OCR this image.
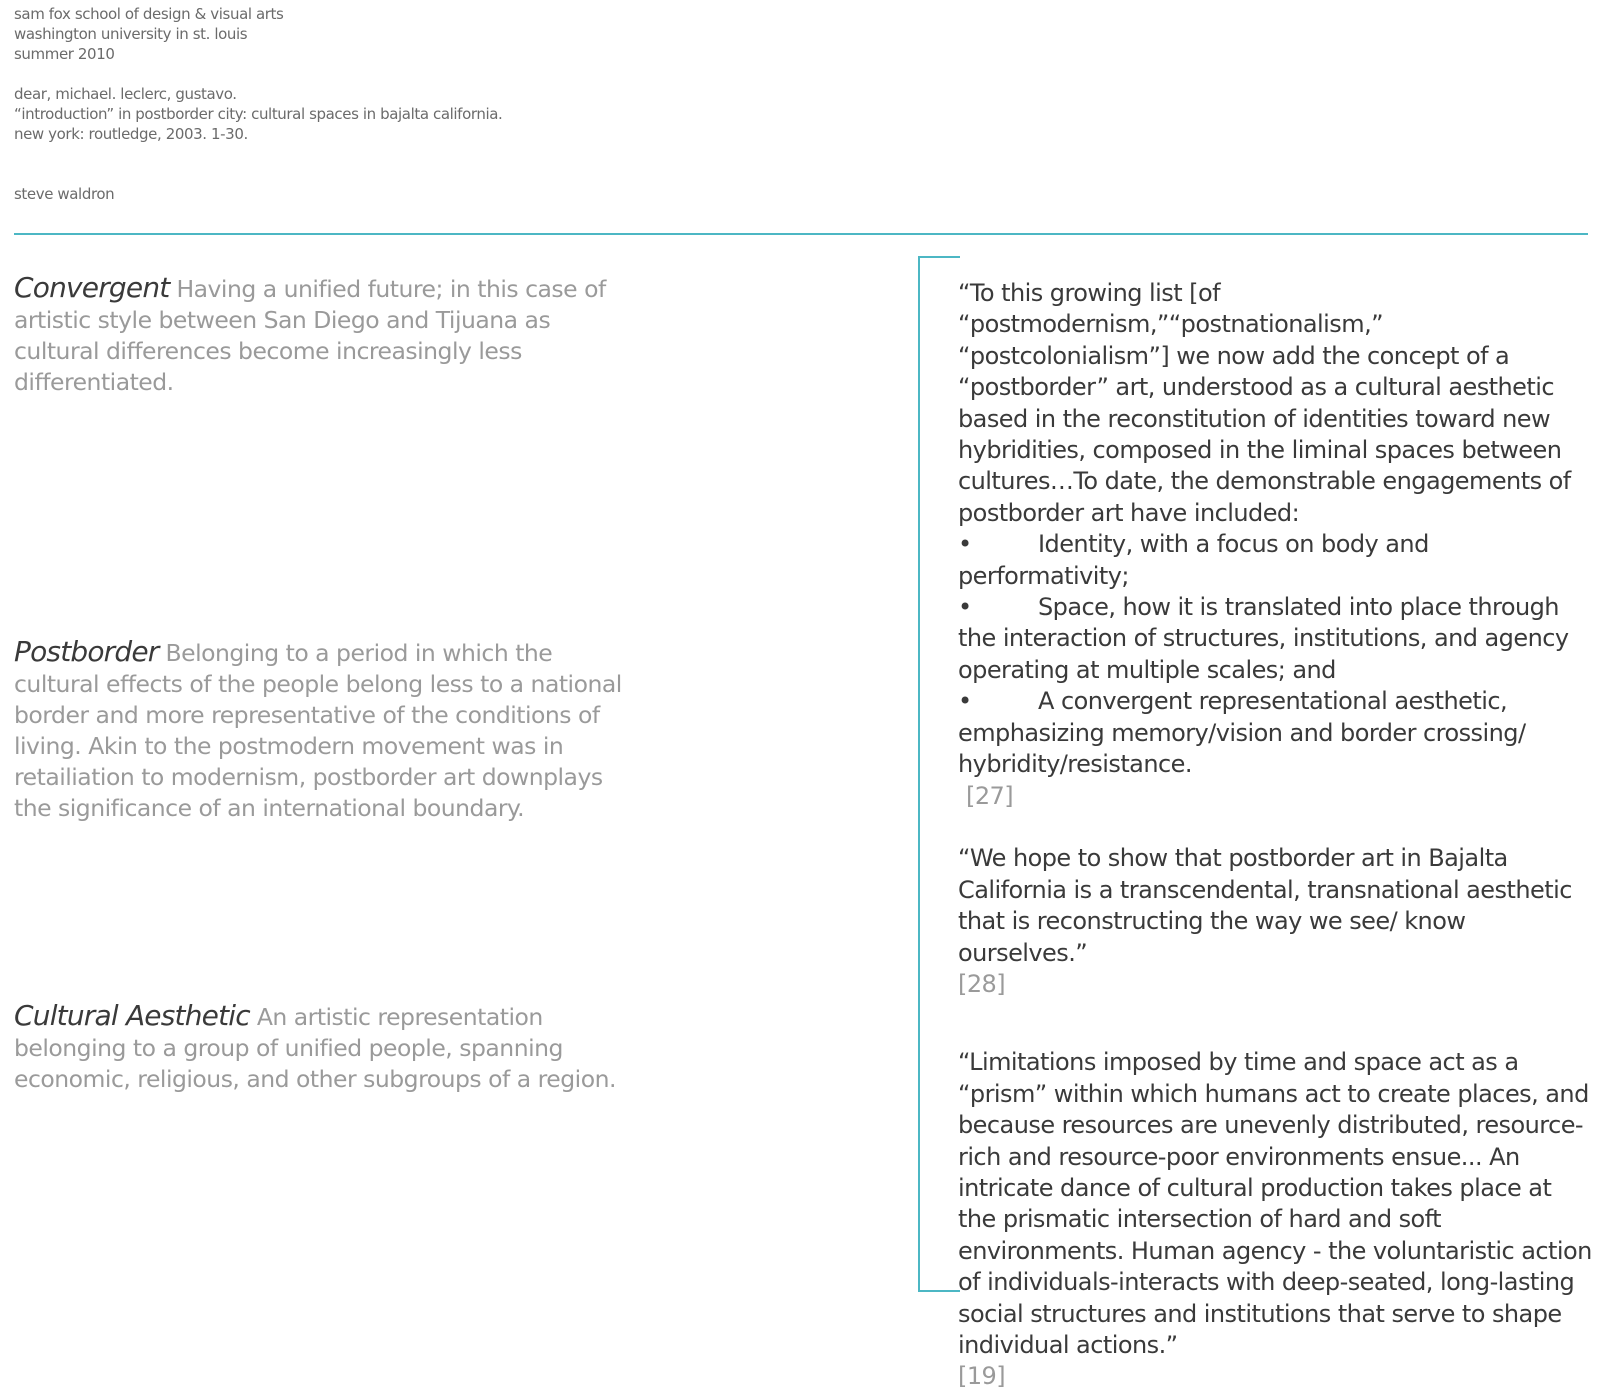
sam fox school of design & visual arts
washington university in st. louis
summer 2010
dear, michael. leclerc, gustavo.
“introduction” in postborder city: cultural spaces in bajalta california.
new york: routledge, 2003. 1-30.
steve waldron
Convergent Having a unified future; in this case of artistic style between San Diego and Tijuana as cultural differences become increasingly less differentiated.
Postborder Belonging to a period in which the cultural effects of the people belong less to a national border and more representative of the conditions of living. Akin to the postmodern movement was in retailiation to modernism, postborder art downplays the significance of an international boundary.
Cultural Aesthetic An artistic representation belonging to a group of unified people, spanning economic, religious, and other subgroups of a region.

“To this growing list [of “postmodernism,”“postnationalism,” “postcolonialism”] we now add the concept of a “postborder” art, understood as a cultural aesthetic based in the reconstitution of identities toward new hybridities, composed in the liminal spaces between cultures…To date, the demonstrable engagements of postborder art have included:

•	Identity, with a focus on body and performativity;
•	Space, how it is translated into place through the interaction of structures, institutions, and agency operating at multiple scales; and
•	A convergent representational aesthetic, emphasizing memory/vision and border crossing/ hybridity/resistance.

[27]

“We hope to show that postborder art in Bajalta California is a transcendental, transnational aesthetic that is reconstructing the way we see/ know ourselves.”

[28]

“Limitations imposed by time and space act as a “prism” within which humans act to create places, and because resources are unevenly distributed, resource-rich and resource-poor environments ensue... An intricate dance of cultural production takes place at the prismatic intersection of hard and soft environments. Human agency - the voluntaristic action of individuals-interacts with deep-seated, long-lasting social structures and institutions that serve to shape individual actions.”

[19]
